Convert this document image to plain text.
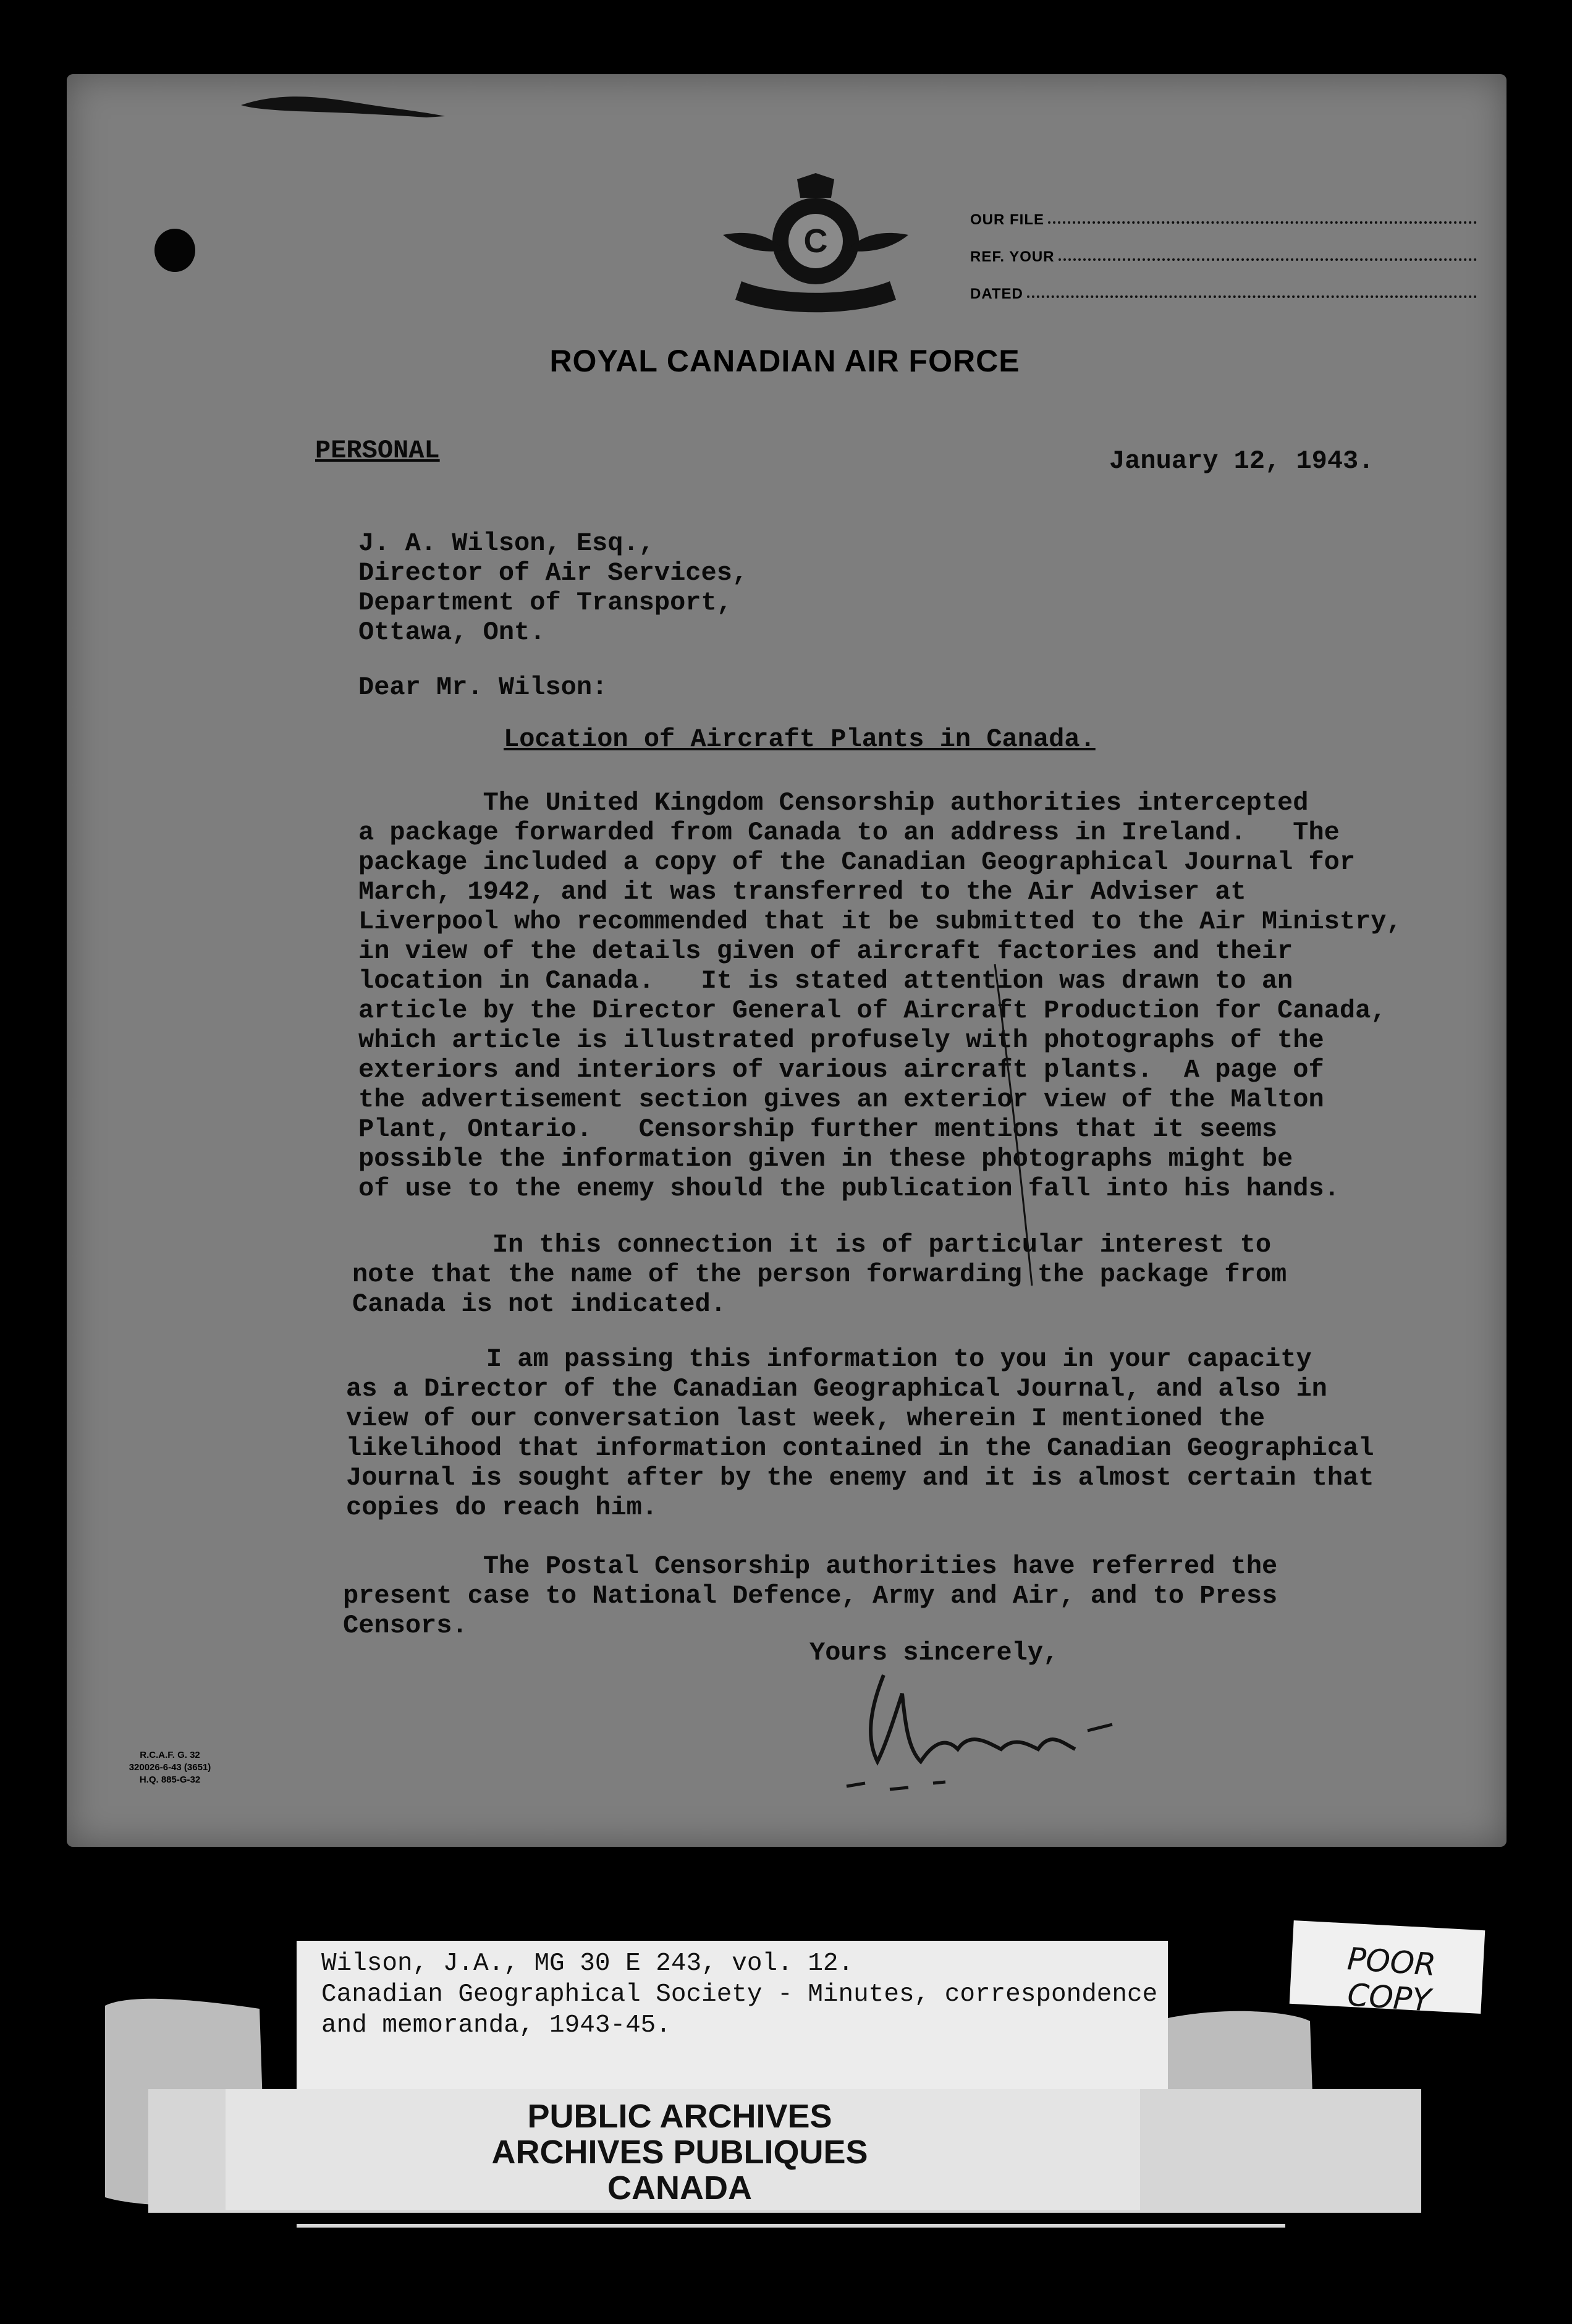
C
OUR FILE
REF. YOUR
DATED
ROYAL CANADIAN AIR FORCE
PERSONAL	January 12, 1943.
J. A. Wilson, Esq.,
Director of Air Services,
Department of Transport,
Ottawa, Ont.
Dear Mr. Wilson:
Location of Aircraft Plants in Canada.
The United Kingdom Censorship authorities intercepted
a package forwarded from Canada to an address in Ireland.   The
package included a copy of the Canadian Geographical Journal for
March, 1942, and it was transferred to the Air Adviser at
Liverpool who recommended that it be submitted to the Air Ministry,
in view of the details given of aircraft factories and their
location in Canada.   It is stated attention was drawn to an
article by the Director General of Aircraft Production for Canada,
which article is illustrated profusely with photographs of the
exteriors and interiors of various aircraft plants.  A page of
the advertisement section gives an exterior view of the Malton
Plant, Ontario.   Censorship further mentions that it seems
possible the information given in these photographs might be
of use to the enemy should the publication fall into his hands.
In this connection it is of particular interest to
note that the name of the person forwarding the package from
Canada is not indicated.
I am passing this information to you in your capacity
as a Director of the Canadian Geographical Journal, and also in
view of our conversation last week, wherein I mentioned the
likelihood that information contained in the Canadian Geographical
Journal is sought after by the enemy and it is almost certain that
copies do reach him.
The Postal Censorship authorities have referred the
present case to National Defence, Army and Air, and to Press
Censors.
Yours sincerely,
R.C.A.F. G. 32
320026-6-43 (3651)
H.Q. 885-G-32
Wilson, J.A., MG 30 E 243, vol. 12.
Canadian Geographical Society - Minutes, correspondence
and memoranda, 1943-45.
POOR COPY
PUBLIC ARCHIVES
ARCHIVES PUBLIQUES
CANADA
